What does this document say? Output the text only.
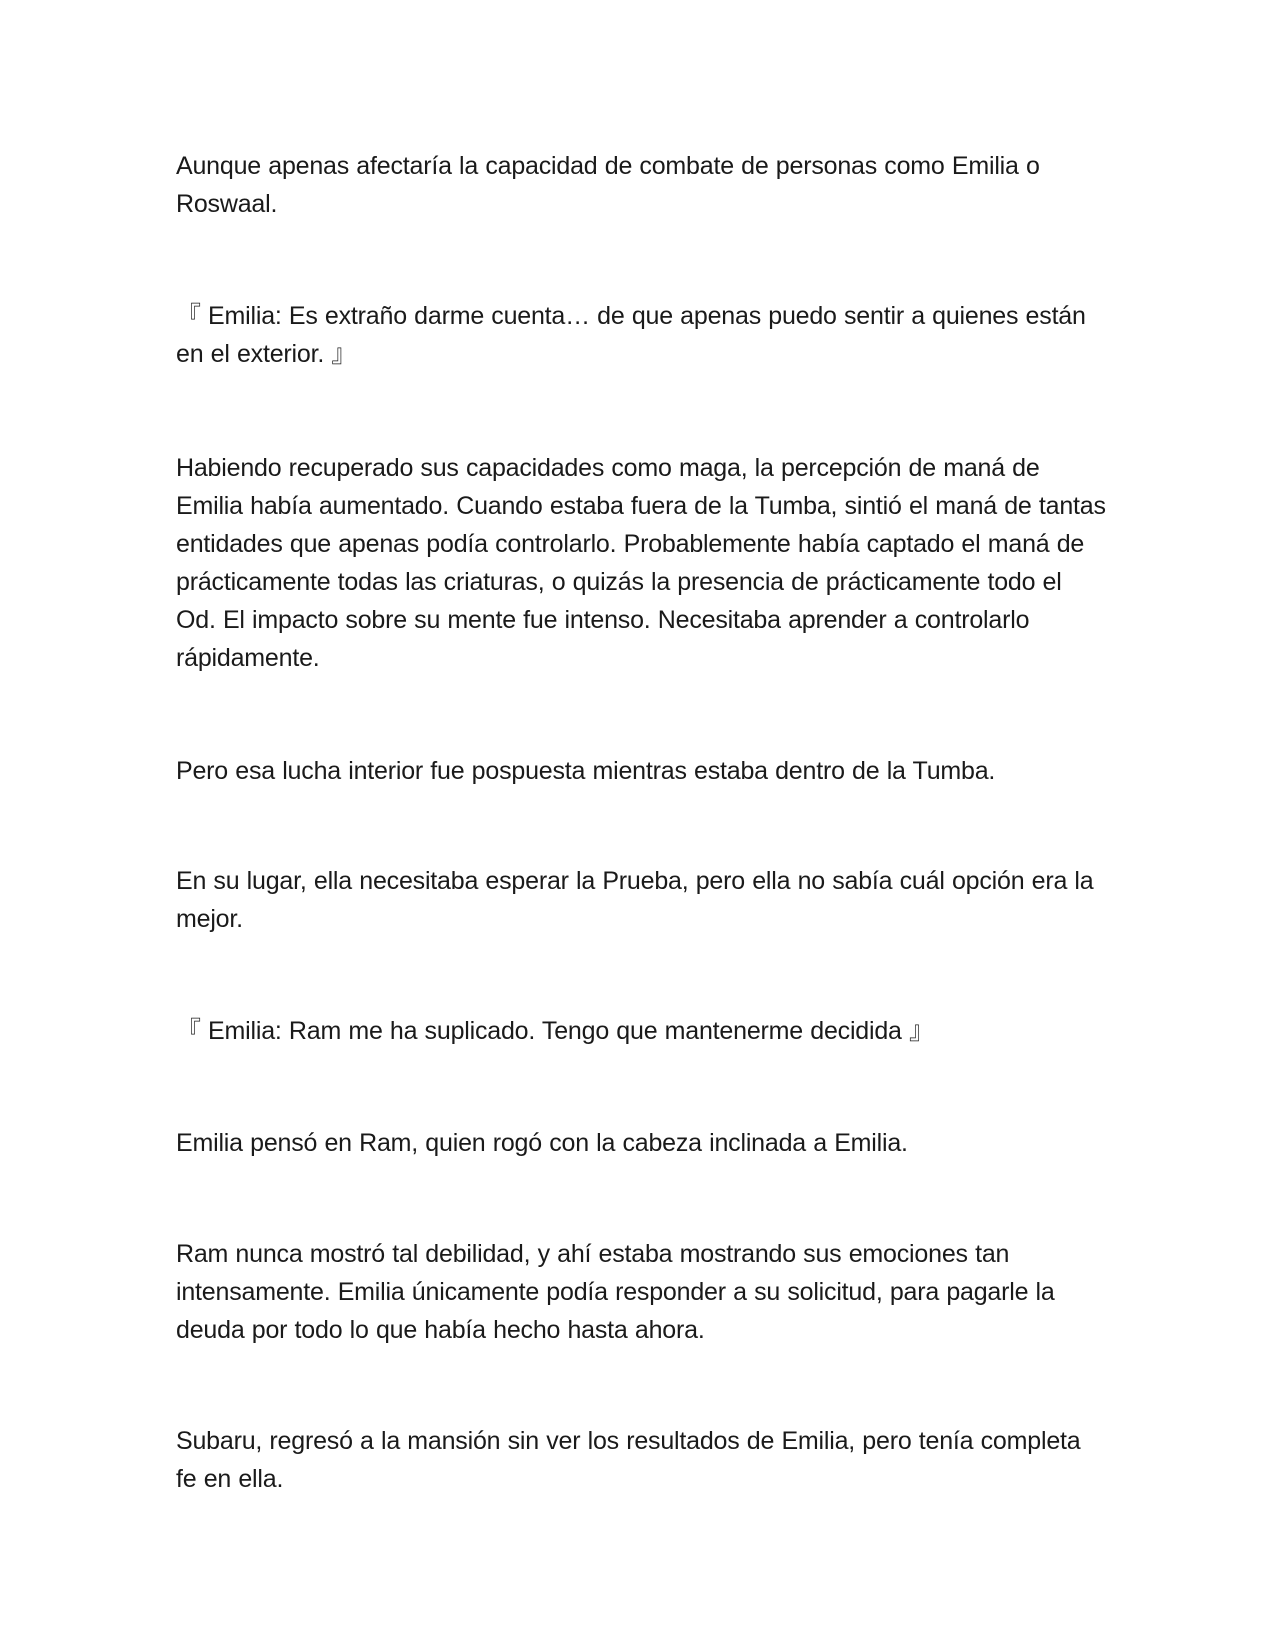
Aunque apenas afectaría la capacidad de combate de personas como Emilia o Roswaal.

『 Emilia: Es extraño darme cuenta… de que apenas puedo sentir a quienes están en el exterior. 』

Habiendo recuperado sus capacidades como maga, la percepción de maná de Emilia había aumentado. Cuando estaba fuera de la Tumba, sintió el maná de tantas entidades que apenas podía controlarlo. Probablemente había captado el maná de prácticamente todas las criaturas, o quizás la presencia de prácticamente todo el Od. El impacto sobre su mente fue intenso. Necesitaba aprender a controlarlo rápidamente.

Pero esa lucha interior fue pospuesta mientras estaba dentro de la Tumba.

En su lugar, ella necesitaba esperar la Prueba, pero ella no sabía cuál opción era la mejor.

『 Emilia: Ram me ha suplicado. Tengo que mantenerme decidida 』

Emilia pensó en Ram, quien rogó con la cabeza inclinada a Emilia.

Ram nunca mostró tal debilidad, y ahí estaba mostrando sus emociones tan intensamente. Emilia únicamente podía responder a su solicitud, para pagarle la deuda por todo lo que había hecho hasta ahora.

Subaru, regresó a la mansión sin ver los resultados de Emilia, pero tenía completa fe en ella.
